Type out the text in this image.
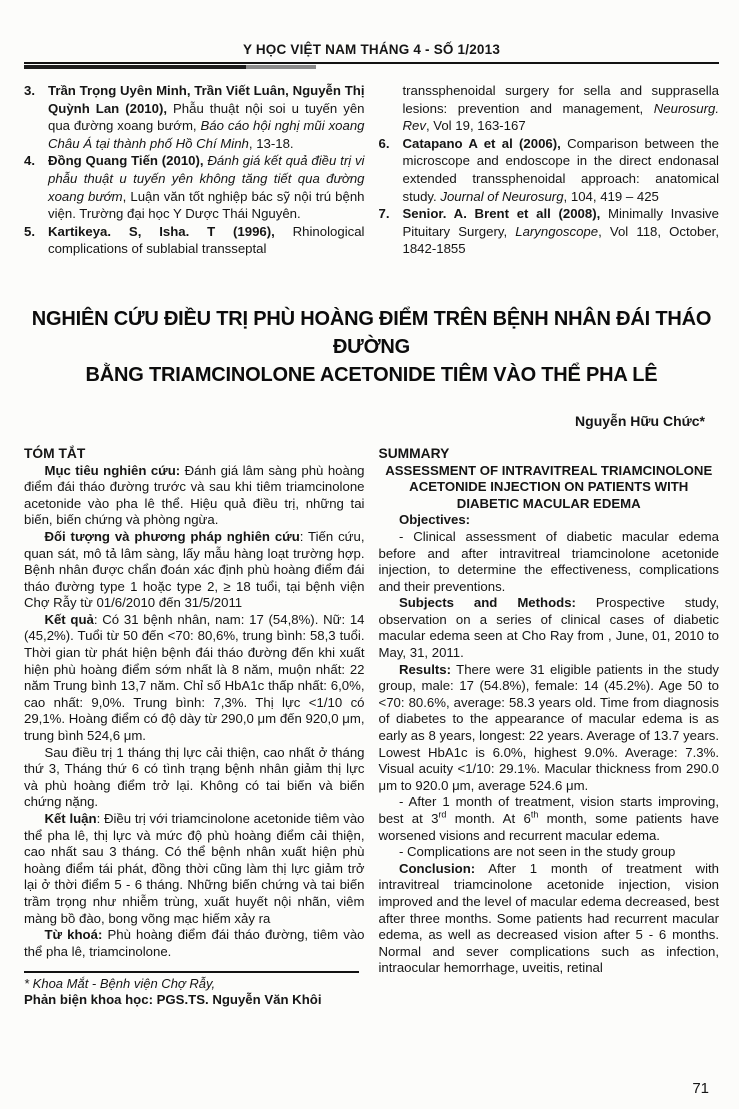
Y HỌC VIỆT NAM THÁNG 4 - SỐ 1/2013
3. Trần Trọng Uyên Minh, Trần Viết Luân, Nguyễn Thị Quỳnh Lan (2010), Phẫu thuật nội soi u tuyến yên qua đường xoang bướm, Báo cáo hội nghị mũi xoang Châu Á tại thành phố Hồ Chí Minh, 13-18.
4. Đồng Quang Tiến (2010), Đánh giá kết quả điều trị vi phẫu thuật u tuyến yên không tăng tiết qua đường xoang bướm, Luận văn tốt nghiệp bác sỹ nội trú bệnh viện. Trường đại học Y Dược Thái Nguyên.
5. Kartikeya. S, Isha. T (1996), Rhinological complications of sublabial transseptal
transsphenoidal surgery for sella and supprasella lesions: prevention and management, Neurosurg. Rev, Vol 19, 163-167
6. Catapano A et al (2006), Comparison between the microscope and endoscope in the direct endonasal extended transsphenoidal approach: anatomical study. Journal of Neurosurg, 104, 419 – 425
7. Senior. A. Brent et all (2008), Minimally Invasive Pituitary Surgery, Laryngoscope, Vol 118, October, 1842-1855
NGHIÊN CỨU ĐIỀU TRỊ PHÙ HOÀNG ĐIỂM TRÊN BỆNH NHÂN ĐÁI THÁO ĐƯỜNG
BẰNG TRIAMCINOLONE ACETONIDE TIÊM VÀO THỂ PHA LÊ
Nguyễn Hữu Chức*
TÓM TẮT

Mục tiêu nghiên cứu: Đánh giá lâm sàng phù hoàng điểm đái tháo đường trước và sau khi tiêm triamcinolone acetonide vào pha lê thể. Hiệu quả điều trị, những tai biến, biến chứng và phòng ngừa.

Đối tượng và phương pháp nghiên cứu: Tiến cứu, quan sát, mô tả lâm sàng, lấy mẫu hàng loạt trường hợp. Bệnh nhân được chẩn đoán xác định phù hoàng điểm đái tháo đường type 1 hoặc type 2, ≥ 18 tuổi, tại bệnh viện Chợ Rẫy từ 01/6/2010 đến 31/5/2011

Kết quả: Có 31 bệnh nhân, nam: 17 (54,8%). Nữ: 14 (45,2%). Tuổi từ 50 đến <70: 80,6%, trung bình: 58,3 tuổi. Thời gian từ phát hiện bệnh đái tháo đường đến khi xuất hiện phù hoàng điểm sớm nhất là 8 năm, muộn nhất: 22 năm Trung bình 13,7 năm. Chỉ số HbA1c thấp nhất: 6,0%, cao nhất: 9,0%. Trung bình: 7,3%. Thị lực <1/10 có 29,1%. Hoàng điểm có độ dày từ 290,0 μm đến 920,0 μm, trung bình 524,6 μm.

Sau điều trị 1 tháng thị lực cải thiện, cao nhất ở tháng thứ 3, Tháng thứ 6 có tình trạng bệnh nhân giảm thị lực và phù hoàng điểm trở lại. Không có tai biến và biến chứng nặng.

Kết luận: Điều trị với triamcinolone acetonide tiêm vào thể pha lê, thị lực và mức độ phù hoàng điểm cải thiện, cao nhất sau 3 tháng. Có thể bệnh nhân xuất hiện phù hoàng điểm tái phát, đồng thời cũng làm thị lực giảm trở lại ở thời điểm 5 - 6 tháng. Những biến chứng và tai biến trầm trọng như nhiễm trùng, xuất huyết nội nhãn, viêm màng bồ đào, bong võng mạc hiếm xảy ra

Từ khoá: Phù hoàng điểm đái tháo đường, tiêm vào thể pha lê, triamcinolone.

* Khoa Mắt - Bệnh viện Chợ Rẫy,
Phản biện khoa học: PGS.TS. Nguyễn Văn Khôi
SUMMARY
ASSESSMENT OF INTRAVITREAL TRIAMCINOLONE ACETONIDE INJECTION ON PATIENTS WITH DIABETIC MACULAR EDEMA

Objectives:

- Clinical assessment of diabetic macular edema before and after intravitreal triamcinolone acetonide injection, to determine the effectiveness, complications and their preventions.

Subjects and Methods: Prospective study, observation on a series of clinical cases of diabetic macular edema seen at Cho Ray from , June, 01, 2010 to May, 31, 2011.

Results: There were 31 eligible patients in the study group, male: 17 (54.8%), female: 14 (45.2%). Age 50 to <70: 80.6%, average: 58.3 years old. Time from diagnosis of diabetes to the appearance of macular edema is as early as 8 years, longest: 22 years. Average of 13.7 years. Lowest HbA1c is 6.0%, highest 9.0%. Average: 7.3%. Visual acuity <1/10: 29.1%. Macular thickness from 290.0 μm to 920.0 μm, average 524.6 μm.

- After 1 month of treatment, vision starts improving, best at 3rd month. At 6th month, some patients have worsened visions and recurrent macular edema.

- Complications are not seen in the study group

Conclusion: After 1 month of treatment with intravitreal triamcinolone acetonide injection, vision improved and the level of macular edema decreased, best after three months. Some patients had recurrent macular edema, as well as decreased vision after 5 - 6 months. Normal and sever complications such as infection, intraocular hemorrhage, uveitis, retinal

71
